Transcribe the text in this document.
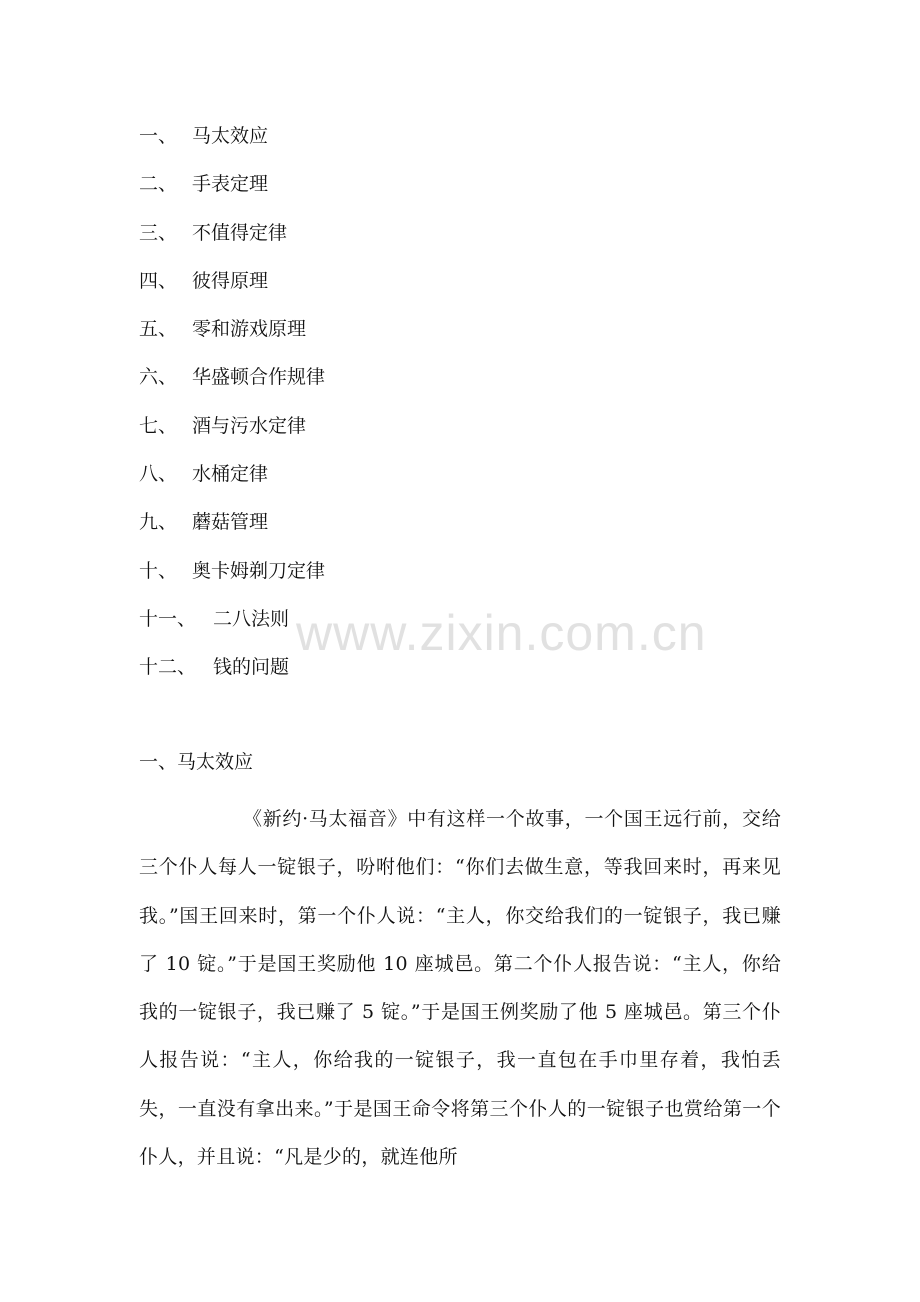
一、 马太效应
二、 手表定理
三、 不值得定律
四、 彼得原理
五、 零和游戏原理
六、 华盛顿合作规律
七、 酒与污水定律
八、 水桶定律
九、 蘑菇管理
十、 奥卡姆剃刀定律
十一、 二八法则
十二、 钱的问题
www.zixin.com.cn
一、马太效应

《新约·马太福音》中有这样一个故事，一个国王远行前，交给三个仆人每人一锭银子，吩咐他们：“你们去做生意，等我回来时，再来见我。”国王回来时，第一个仆人说：“主人，你交给我们的一锭银子，我已赚了 10 锭。”于是国王奖励他 10 座城邑。第二个仆人报告说：“主人，你给我的一锭银子，我已赚了 5 锭。”于是国王例奖励了他 5 座城邑。第三个仆人报告说：“主人，你给我的一锭银子，我一直包在手巾里存着，我怕丢失，一直没有拿出来。”于是国王命令将第三个仆人的一锭银子也赏给第一个仆人，并且说：“凡是少的，就连他所
